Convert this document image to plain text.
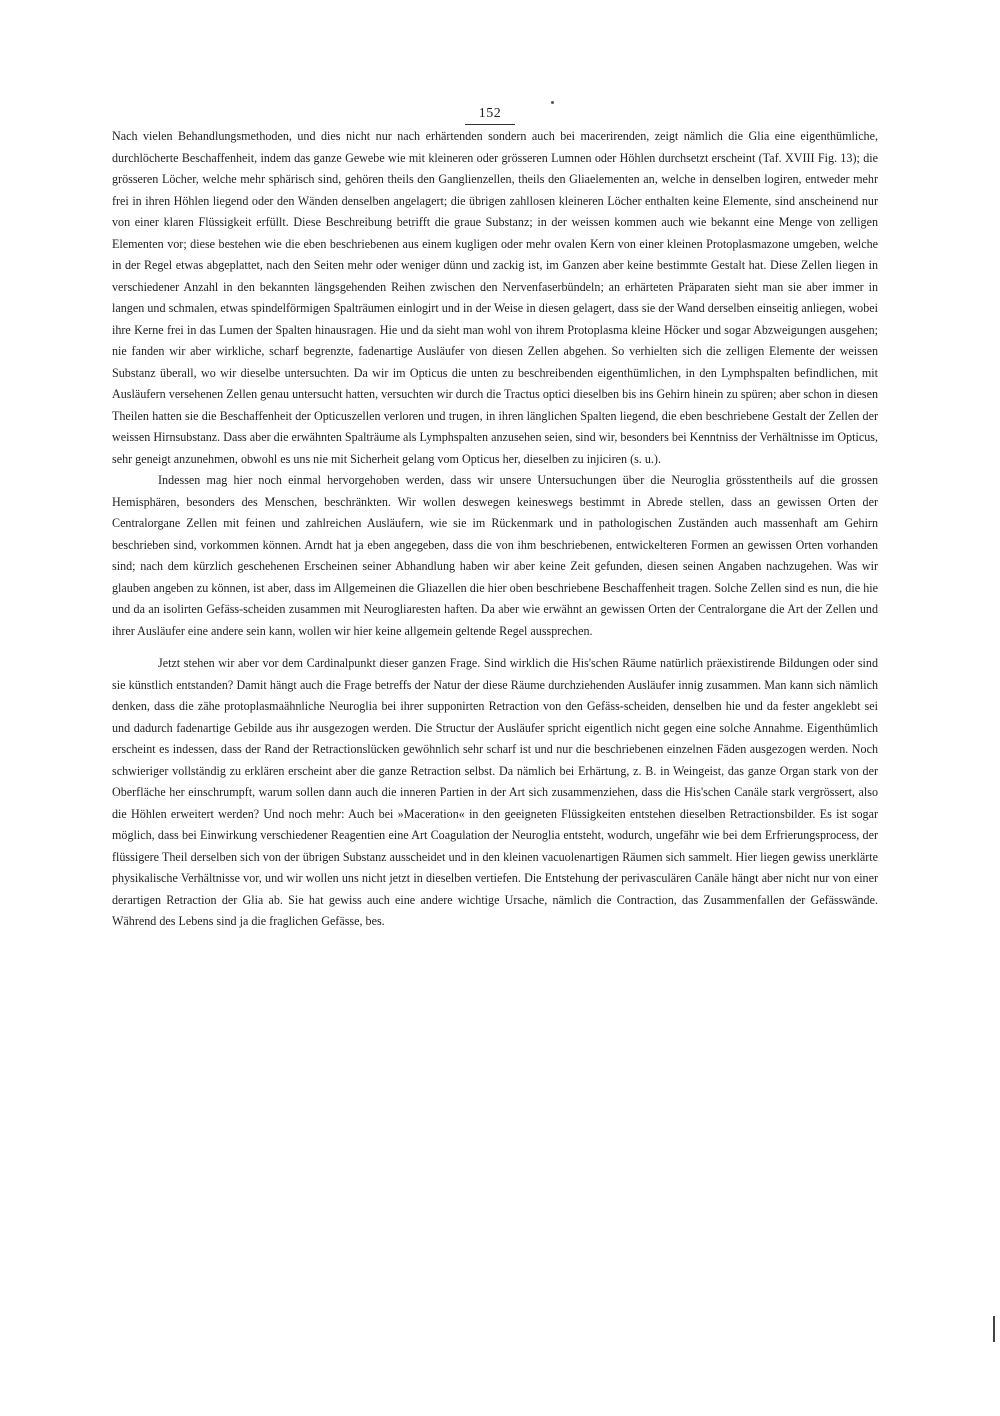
152

Nach vielen Behandlungsmethoden, und dies nicht nur nach erhärtenden sondern auch bei macerirenden, zeigt nämlich die Glia eine eigenthümliche, durchlöcherte Beschaffenheit, indem das ganze Gewebe wie mit kleineren oder grösseren Lumnen oder Höhlen durchsetzt erscheint (Taf. XVIII Fig. 13); die grösseren Löcher, welche mehr sphärisch sind, gehören theils den Ganglienzellen, theils den Gliaelementen an, welche in denselben logiren, entweder mehr frei in ihren Höhlen liegend oder den Wänden denselben angelagert; die übrigen zahllosen kleineren Löcher enthalten keine Elemente, sind anscheinend nur von einer klaren Flüssigkeit erfüllt. Diese Beschreibung betrifft die graue Substanz; in der weissen kommen auch wie bekannt eine Menge von zelligen Elementen vor; diese bestehen wie die eben beschriebenen aus einem kugligen oder mehr ovalen Kern von einer kleinen Protoplasmazone umgeben, welche in der Regel etwas abgeplattet, nach den Seiten mehr oder weniger dünn und zackig ist, im Ganzen aber keine bestimmte Gestalt hat. Diese Zellen liegen in verschiedener Anzahl in den bekannten längsgehenden Reihen zwischen den Nervenfaserbündeln; an erhärteten Präparaten sieht man sie aber immer in langen und schmalen, etwas spindelförmigen Spalträumen einlogirt und in der Weise in diesen gelagert, dass sie der Wand derselben einseitig anliegen, wobei ihre Kerne frei in das Lumen der Spalten hinausragen. Hie und da sieht man wohl von ihrem Protoplasma kleine Höcker und sogar Abzweigungen ausgehen; nie fanden wir aber wirkliche, scharf begrenzte, fadenartige Ausläufer von diesen Zellen abgehen. So verhielten sich die zelligen Elemente der weissen Substanz überall, wo wir dieselbe untersuchten. Da wir im Opticus die unten zu beschreibenden eigenthümlichen, in den Lymphspalten befindlichen, mit Ausläufern versehenen Zellen genau untersucht hatten, versuchten wir durch die Tractus optici dieselben bis ins Gehirn hinein zu spüren; aber schon in diesen Theilen hatten sie die Beschaffenheit der Opticuszellen verloren und trugen, in ihren länglichen Spalten liegend, die eben beschriebene Gestalt der Zellen der weissen Hirnsubstanz. Dass aber die erwähnten Spalträume als Lymphspalten anzusehen seien, sind wir, besonders bei Kenntniss der Verhältnisse im Opticus, sehr geneigt anzunehmen, obwohl es uns nie mit Sicherheit gelang vom Opticus her, dieselben zu injiciren (s. u.).

Indessen mag hier noch einmal hervorgehoben werden, dass wir unsere Untersuchungen über die Neuroglia grösstentheils auf die grossen Hemisphären, besonders des Menschen, beschränkten. Wir wollen deswegen keineswegs bestimmt in Abrede stellen, dass an gewissen Orten der Centralorgane Zellen mit feinen und zahlreichen Ausläufern, wie sie im Rückenmark und in pathologischen Zuständen auch massenhaft am Gehirn beschrieben sind, vorkommen können. Arndt hat ja eben angegeben, dass die von ihm beschriebenen, entwickelteren Formen an gewissen Orten vorhanden sind; nach dem kürzlich geschehenen Erscheinen seiner Abhandlung haben wir aber keine Zeit gefunden, diesen seinen Angaben nachzugehen. Was wir glauben angeben zu können, ist aber, dass im Allgemeinen die Gliazellen die hier oben beschriebene Beschaffenheit tragen. Solche Zellen sind es nun, die hie und da an isolirten Gefäss-scheiden zusammen mit Neurogliaresten haften. Da aber wie erwähnt an gewissen Orten der Centralorgane die Art der Zellen und ihrer Ausläufer eine andere sein kann, wollen wir hier keine allgemein geltende Regel aussprechen.

Jetzt stehen wir aber vor dem Cardinalpunkt dieser ganzen Frage. Sind wirklich die His'schen Räume natürlich präexistirende Bildungen oder sind sie künstlich entstanden? Damit hängt auch die Frage betreffs der Natur der diese Räume durchziehenden Ausläufer innig zusammen. Man kann sich nämlich denken, dass die zähe protoplasmaähnliche Neuroglia bei ihrer supponirten Retraction von den Gefäss-scheiden, denselben hie und da fester angeklebt sei und dadurch fadenartige Gebilde aus ihr ausgezogen werden. Die Structur der Ausläufer spricht eigentlich nicht gegen eine solche Annahme. Eigenthümlich erscheint es indessen, dass der Rand der Retractionslücken gewöhnlich sehr scharf ist und nur die beschriebenen einzelnen Fäden ausgezogen werden. Noch schwieriger vollständig zu erklären erscheint aber die ganze Retraction selbst. Da nämlich bei Erhärtung, z. B. in Weingeist, das ganze Organ stark von der Oberfläche her einschrumpft, warum sollen dann auch die inneren Partien in der Art sich zusammenziehen, dass die His'schen Canäle stark vergrössert, also die Höhlen erweitert werden? Und noch mehr: Auch bei »Maceration« in den geeigneten Flüssigkeiten entstehen dieselben Retractionsbilder. Es ist sogar möglich, dass bei Einwirkung verschiedener Reagentien eine Art Coagulation der Neuroglia entsteht, wodurch, ungefähr wie bei dem Erfrierungsprocess, der flüssigere Theil derselben sich von der übrigen Substanz ausscheidet und in den kleinen vacuolenartigen Räumen sich sammelt. Hier liegen gewiss unerklärte physikalische Verhältnisse vor, und wir wollen uns nicht jetzt in dieselben vertiefen. Die Entstehung der perivasculären Canäle hängt aber nicht nur von einer derartigen Retraction der Glia ab. Sie hat gewiss auch eine andere wichtige Ursache, nämlich die Contraction, das Zusammenfallen der Gefässwände. Während des Lebens sind ja die fraglichen Gefässe, bes.
